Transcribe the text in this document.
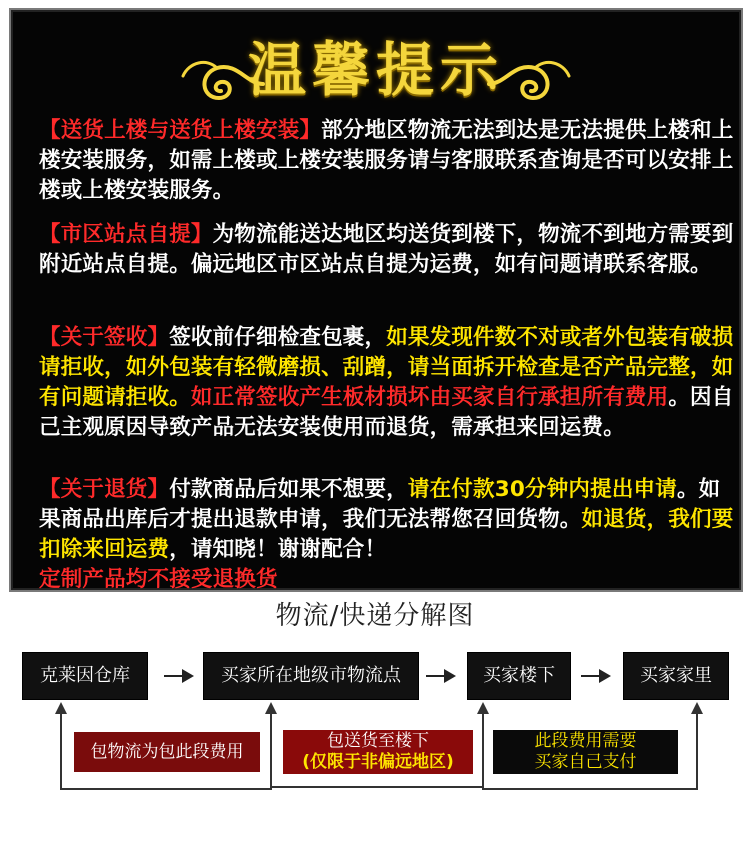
温馨提示
【送货上楼与送货上楼安装】部分地区物流无法到达是无法提供上楼和上楼安装服务，如需上楼或上楼安装服务请与客服联系查询是否可以安排上楼或上楼安装服务。
【市区站点自提】为物流能送达地区均送货到楼下，物流不到地方需要到附近站点自提。偏远地区市区站点自提为运费，如有问题请联系客服。
【关于签收】签收前仔细检查包裹，如果发现件数不对或者外包装有破损请拒收，如外包装有轻微磨损、刮蹭，请当面拆开检查是否产品完整，如有问题请拒收。如正常签收产生板材损坏由买家自行承担所有费用。因自己主观原因导致产品无法安装使用而退货，需承担来回运费。
【关于退货】付款商品后如果不想要，请在付款30分钟内提出申请。如果商品出库后才提出退款申请，我们无法帮您召回货物。如退货，我们要扣除来回运费，请知晓！谢谢配合！
定制产品均不接受退换货
物流/快递分解图
克莱因仓库	买家所在地级市物流点	买家楼下	买家家里
包物流为包此段费用
包送货至楼下
(仅限于非偏远地区)
此段费用需要
买家自己支付
